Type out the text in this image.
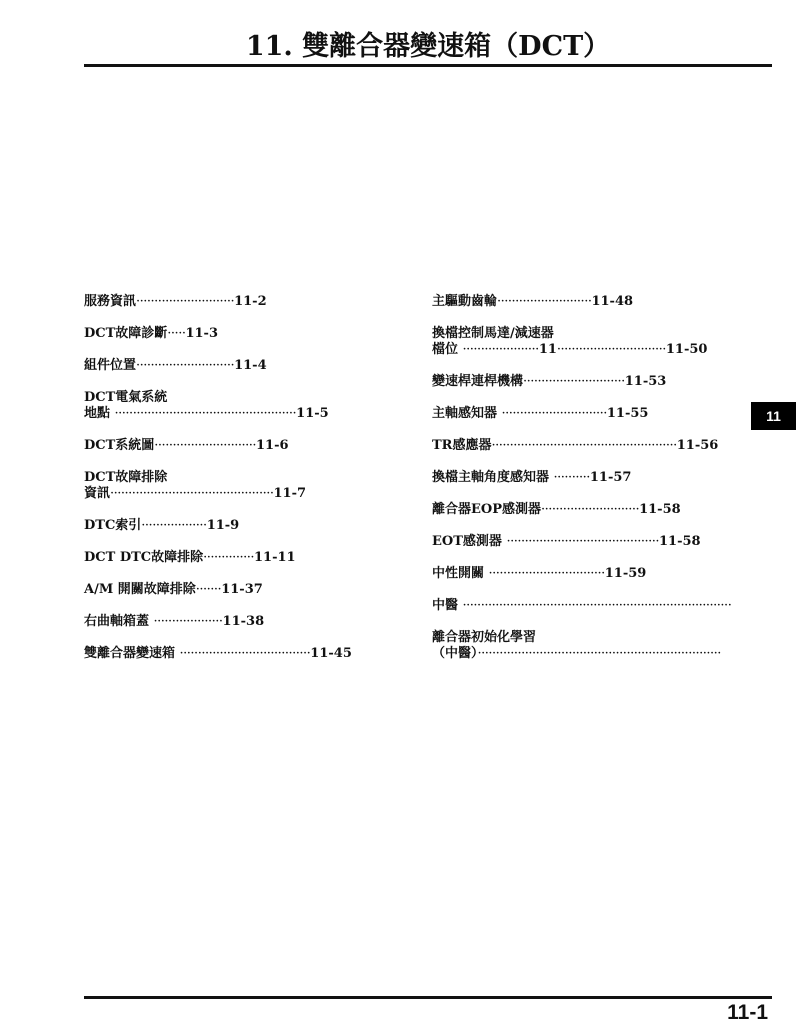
11. 雙離合器變速箱（DCT）
服務資訊···························11-2
DCT故障診斷·····11-3
組件位置···························11-4
DCT電氣系統
地點 ··················································11-5
DCT系統圖····························11-6
DCT故障排除
資訊·············································11-7
DTC索引··················11-9
DCT DTC故障排除··············11-11
A/M 開關故障排除·······11-37
右曲軸箱蓋 ···················11-38
雙離合器變速箱 ····································11-45
主驅動齒輪··························11-48
換檔控制馬達/減速器
檔位 ·····················11······························11-50
變速桿連桿機構····························11-53
主軸感知器 ·····························11-55
TR感應器···················································11-56
換檔主軸角度感知器 ··········11-57
離合器EOP感測器···························11-58
EOT感測器 ··········································11-58
中性開關 ································11-59
中醫 ··········································································
離合器初始化學習
（中醫）···································································
11
11-1
